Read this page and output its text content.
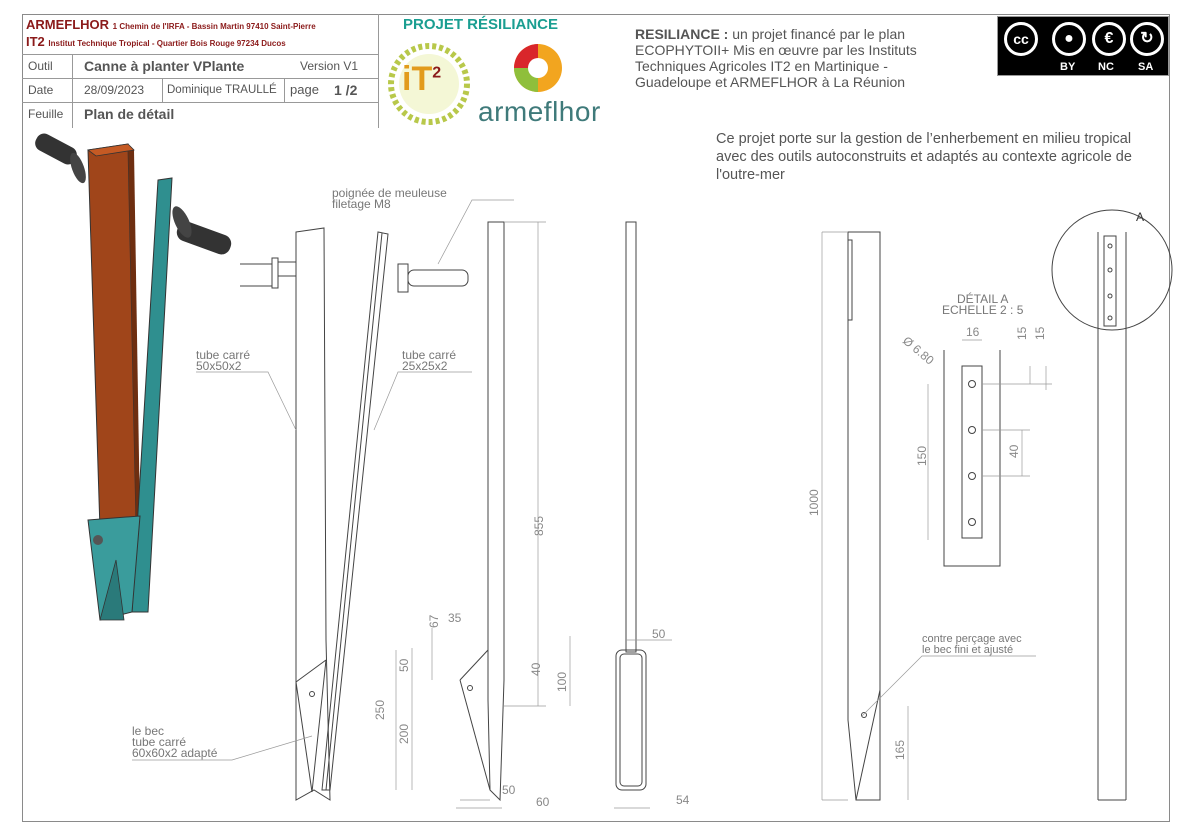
ARMEFLHOR 1 Chemin de l'IRFA - Bassin Martin 97410 Saint-Pierre
IT2 Institut Technique Tropical - Quartier Bois Rouge 97234 Ducos
Outil Canne à planter VPlante	Version V1
Date	28/09/2023 Dominique TRAULLÉ page 1 /2
Feuille Plan de détail
PROJET RÉSILIANCE
$iT^2$
armeflhor
RESILIANCE : un projet financé par le plan ECOPHYTOII+ Mis en œuvre par les Instituts Techniques Agricoles IT2 en Martinique - Guadeloupe et ARMEFLHOR à La Réunion
Ce projet porte sur la gestion de l’enherbement en milieu tropical avec des outils autoconstruits et adaptés au contexte agricole de l'outre-mer
cc	●	€	↻
BY NC SA
855
67 35
50	40
100
250
200
50
60
50
54
1000
165
16	15 15
Ø 6.80
150	40
poignée de meuleuse
filetage M8
tube carré
50x50x2
tube carré
25x25x2
le bec
tube carré
60x60x2 adapté
contre perçage avec
le bec fini et ajusté
DÉTAIL A
ECHELLE 2 : 5
A
